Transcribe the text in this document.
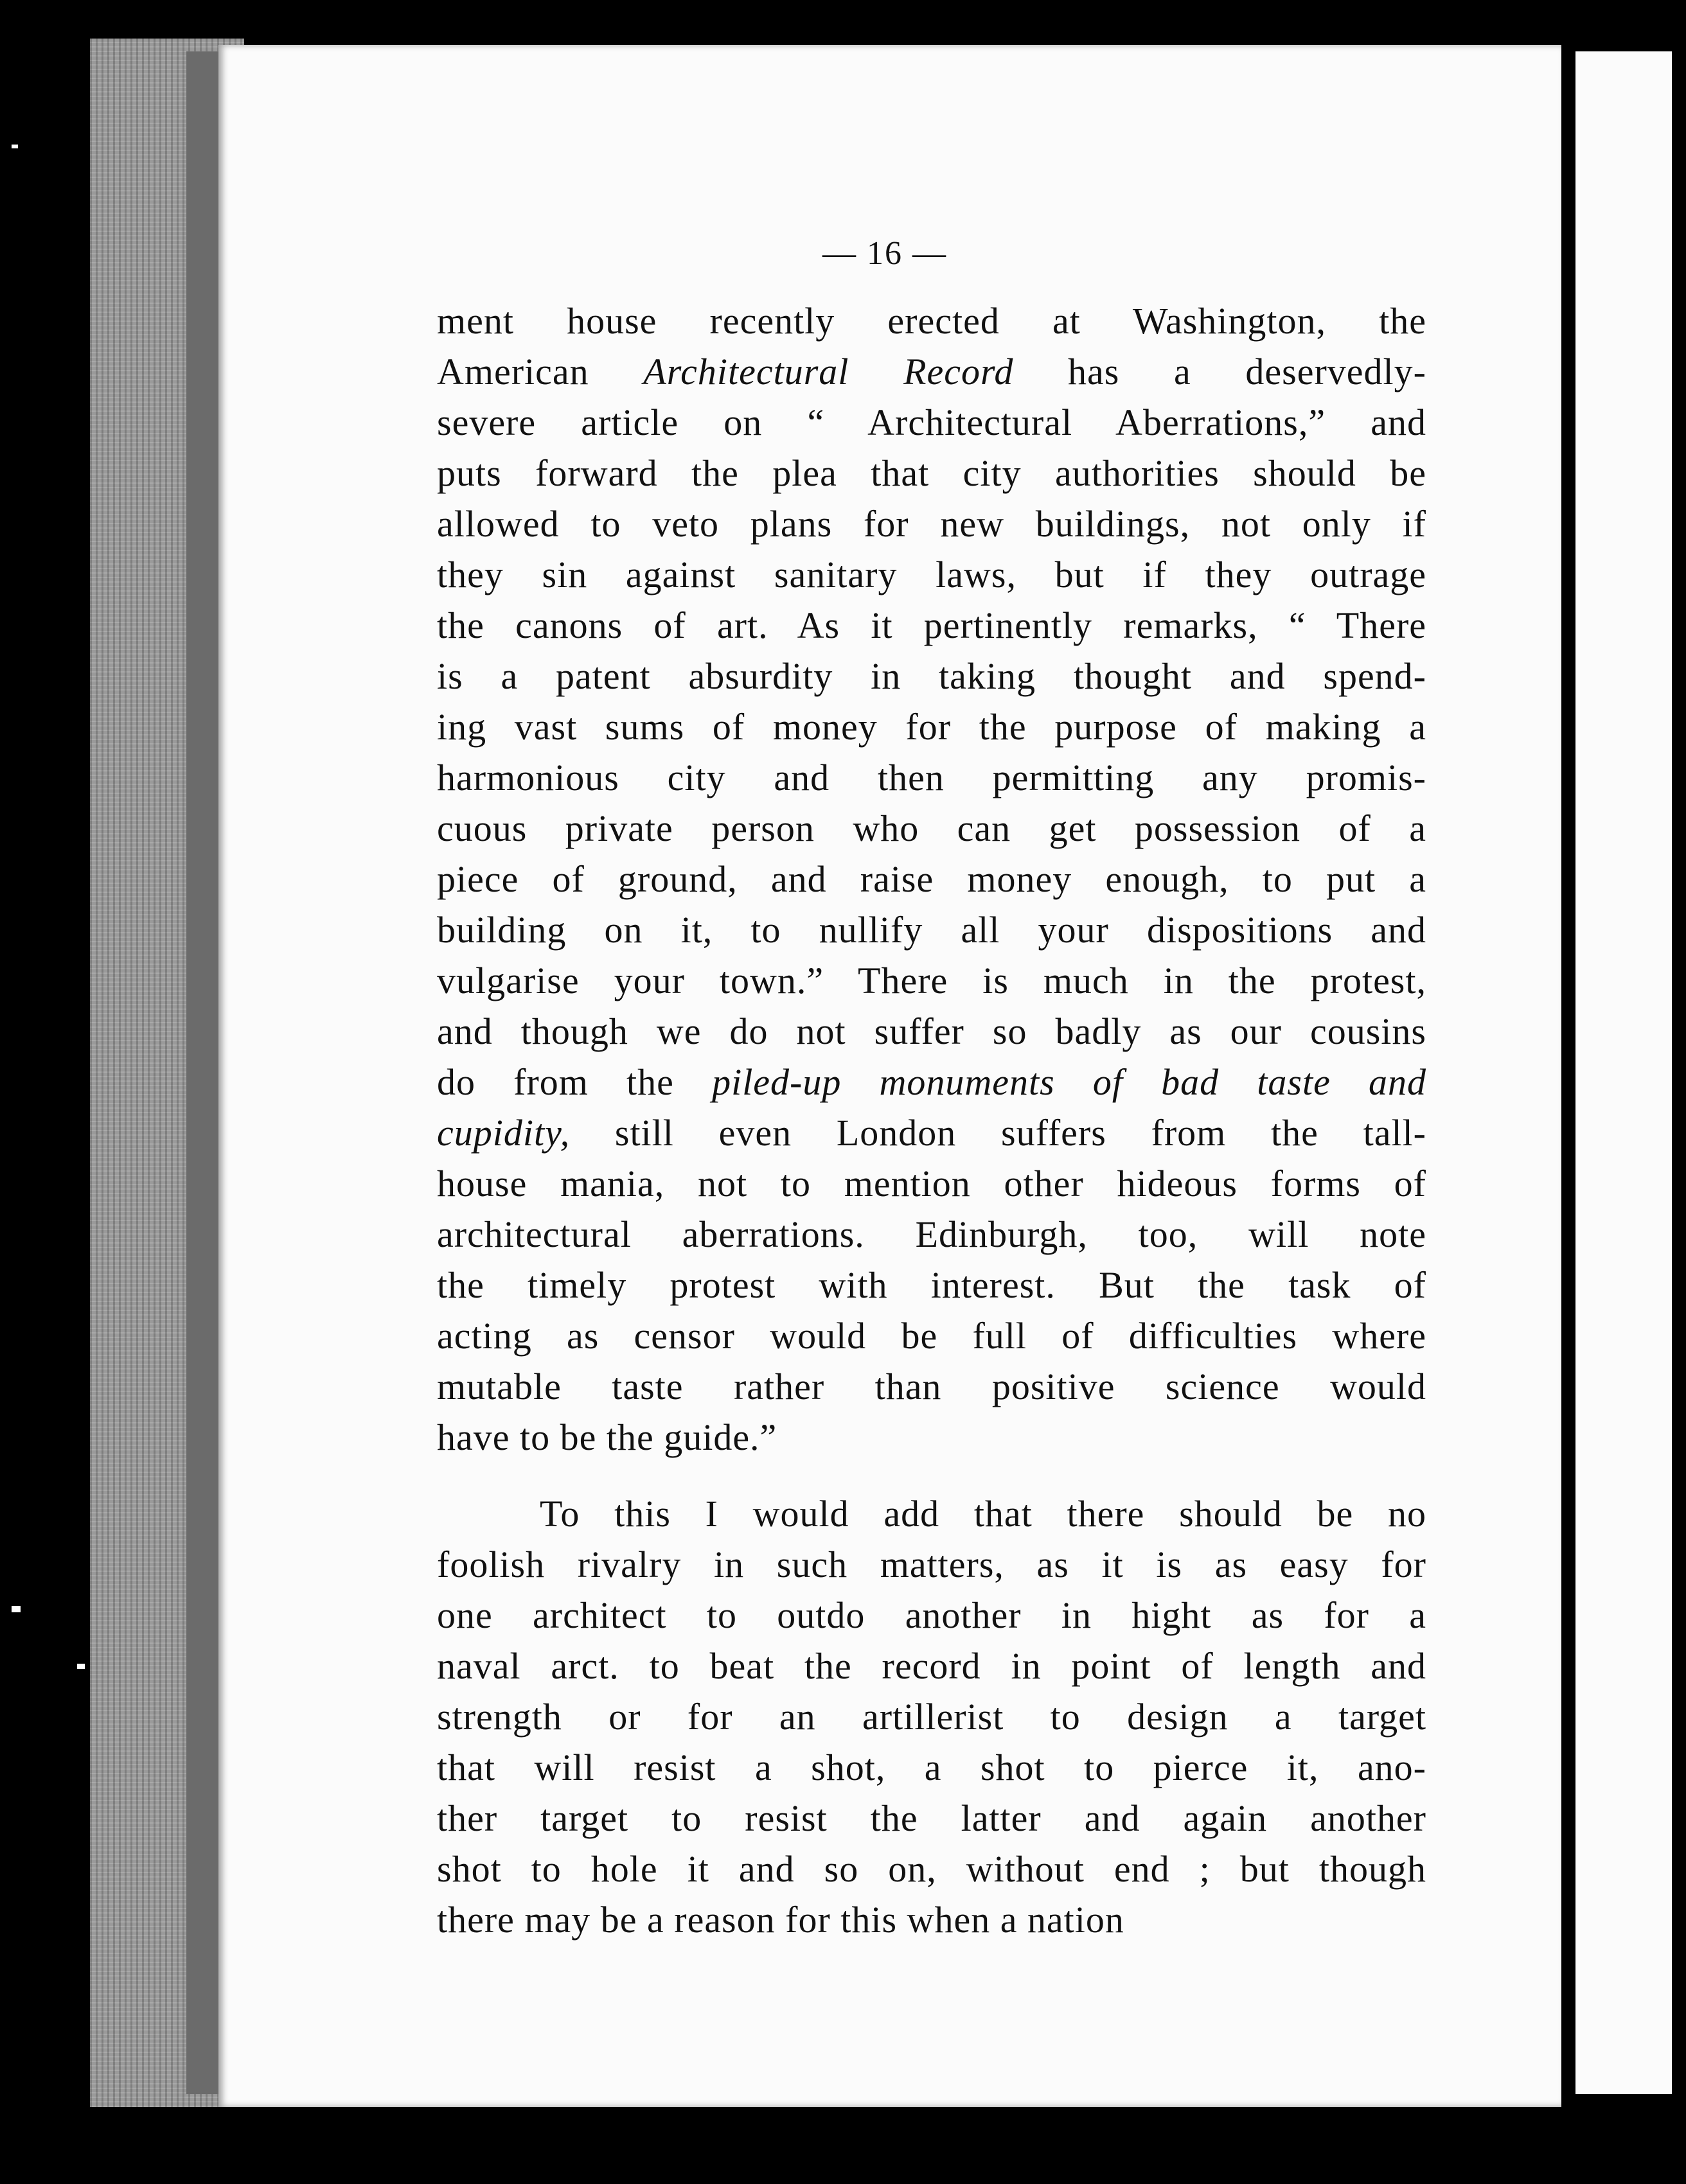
— 16 —
ment house recently erected at Washington, the
American Architectural Record has a deservedly-
severe article on “ Architectural Aberrations,” and
puts forward the plea that city authorities should be
allowed to veto plans for new buildings, not only if
they sin against sanitary laws, but if they outrage
the canons of art. As it pertinently remarks, “ There
is a patent absurdity in taking thought and spend-
ing vast sums of money for the purpose of making a
harmonious city and then permitting any promis-
cuous private person who can get possession of a
piece of ground, and raise money enough, to put a
building on it, to nullify all your dispositions and
vulgarise your town.” There is much in the protest,
and though we do not suffer so badly as our cousins
do from the piled-up monuments of bad taste and
cupidity, still even London suffers from the tall-
house mania, not to mention other hideous forms of
architectural aberrations. Edinburgh, too, will note
the timely protest with interest. But the task of
acting as censor would be full of difficulties where
mutable taste rather than positive science would
have to be the guide.”
To this I would add that there should be no
foolish rivalry in such matters, as it is as easy for
one architect to outdo another in hight as for a
naval arct. to beat the record in point of length and
strength or for an artillerist to design a target
that will resist a shot, a shot to pierce it, ano-
ther target to resist the latter and again another
shot to hole it and so on, without end ; but though
there may be a reason for this when a nation
